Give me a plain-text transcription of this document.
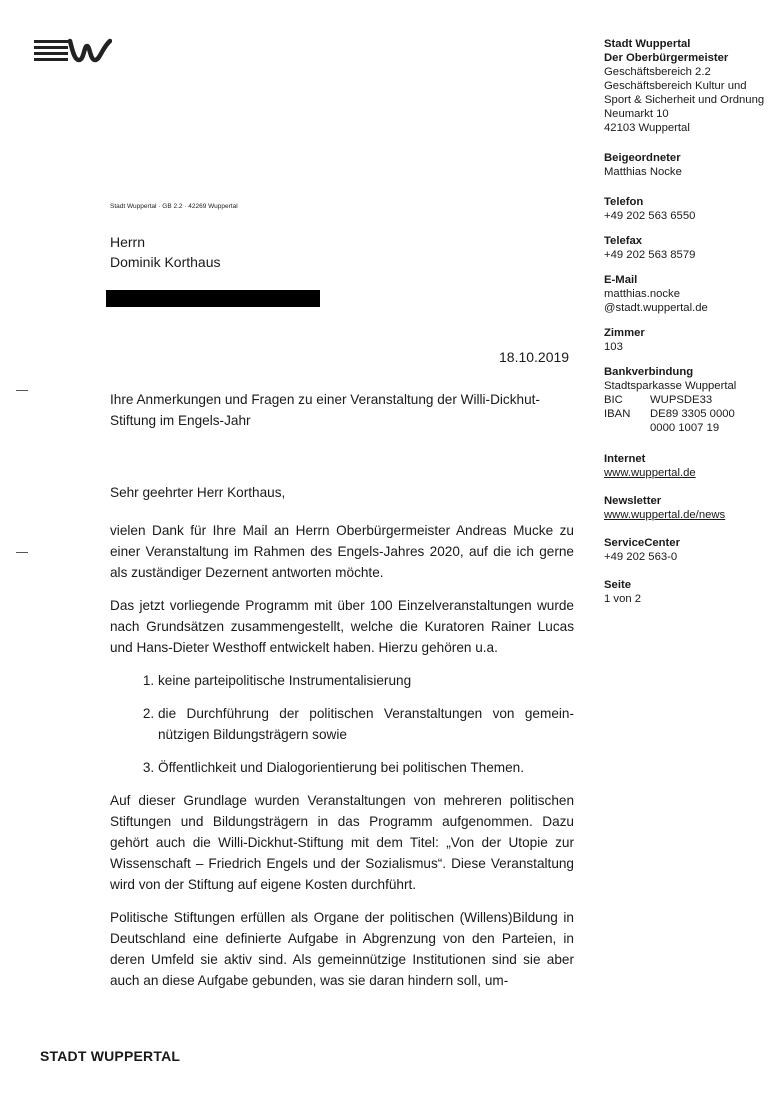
Stadt Wuppertal · GB 2.2 · 42269 Wuppertal
Herrn
Dominik Korthaus
18.10.2019
Ihre Anmerkungen und Fragen zu einer Veranstaltung der Willi-Dickhut-Stiftung im Engels-Jahr

Sehr geehrter Herr Korthaus,

vielen Dank für Ihre Mail an Herrn Oberbürgermeister Andreas Mucke zu einer Veranstaltung im Rahmen des Engels-Jahres 2020, auf die ich gerne als zuständiger Dezernent antworten möchte.

Das jetzt vorliegende Programm mit über 100 Einzelveranstaltungen wurde nach Grundsätzen zusammengestellt, welche die Kuratoren Rainer Lucas und Hans-Dieter Westhoff entwickelt haben. Hierzu gehören u.a.

1. keine parteipolitische Instrumentalisierung
2. die Durchführung der politischen Veranstaltungen von gemeinnützigen Bildungsträgern sowie
3. Öffentlichkeit und Dialogorientierung bei politischen Themen.

Auf dieser Grundlage wurden Veranstaltungen von mehreren politischen Stiftungen und Bildungsträgern in das Programm aufgenommen. Dazu gehört auch die Willi-Dickhut-Stiftung mit dem Titel: „Von der Utopie zur Wissenschaft – Friedrich Engels und der Sozialismus“. Diese Veranstaltung wird von der Stiftung auf eigene Kosten durchführt.

Politische Stiftungen erfüllen als Organe der politischen (Willens)Bildung in Deutschland eine definierte Aufgabe in Abgrenzung von den Parteien, in deren Umfeld sie aktiv sind. Als gemeinnützige Institutionen sind sie aber auch an diese Aufgabe gebunden, was sie daran hindern soll, um-

Stadt Wuppertal
Der Oberbürgermeister
Geschäftsbereich 2.2
Geschäftsbereich Kultur und Sport & Sicherheit und Ordnung
Neumarkt 10
42103 Wuppertal
Beigeordneter
Matthias Nocke
Telefon
+49 202 563 6550
Telefax
+49 202 563 8579
E-Mail
matthias.nocke
@stadt.wuppertal.de
Zimmer
103
Bankverbindung
Stadtsparkasse Wuppertal
BIC	WUPSDE33
IBAN	DE89 3305 0000
0000 1007 19
Internet
www.wuppertal.de
Newsletter
www.wuppertal.de/news
ServiceCenter
+49 202 563-0
Seite
1 von 2
STADT WUPPERTAL
